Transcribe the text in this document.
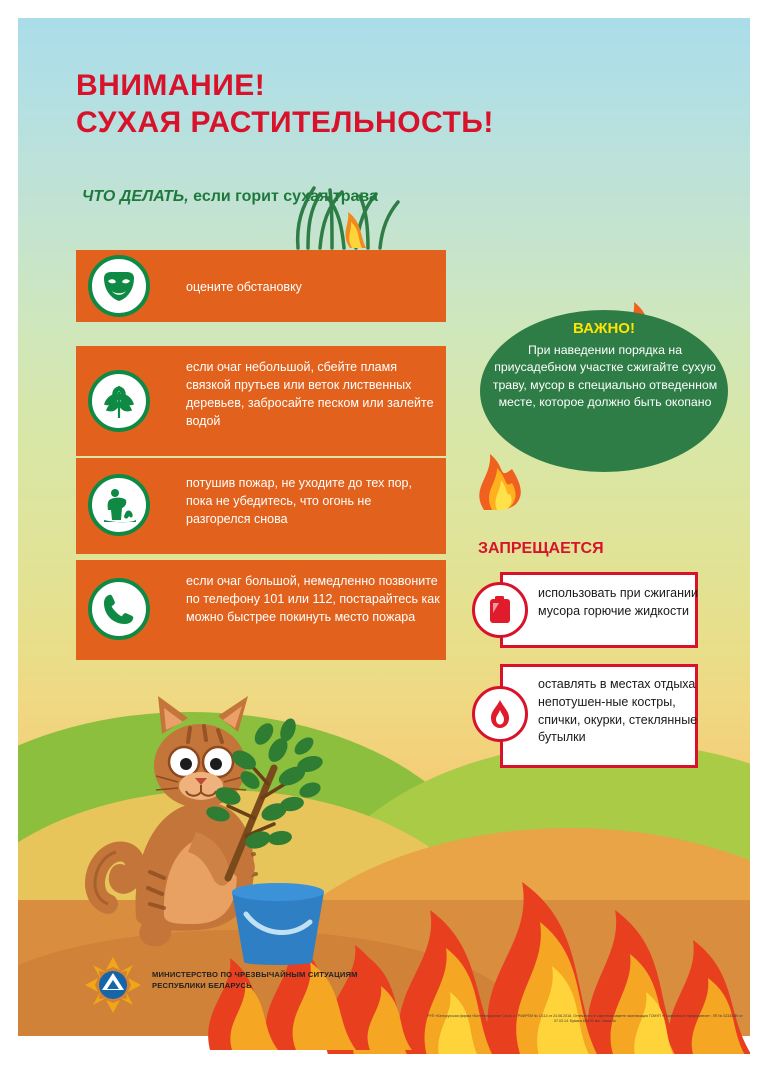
ВНИМАНИЕ!
СУХАЯ РАСТИТЕЛЬНОСТЬ!
ЧТО ДЕЛАТЬ, если горит сухая трава
оцените обстановку
если очаг небольшой, сбейте пламя связкой прутьев или веток лиственных деревьев, забросайте песком или залейте водой
потушив пожар, не уходите до тех пор, пока не убедитесь, что огонь не разгорелся снова
если очаг большой, немедленно позвоните по телефону 101 или 112, постарайтесь как можно быстрее покинуть место пожара
ВАЖНО!
При наведении порядка на приусадебном участке сжигайте сухую траву, мусор в специально отведенном месте, которое должно быть окопано
ЗАПРЕЩАЕТСЯ
использовать при сжигании мусора горючие жидкости
оставлять в местах отдыха непотушен-ные костры, спички, окурки, стеклянные бутылки
МИНИСТЕРСТВО ПО ЧРЕЗВЫЧАЙНЫМ СИТУАЦИЯМ
РЕСПУБЛИКИ БЕЛАРУСЬ
РУП «Белорусская фирма «Белтелефильм» Св-во о ГРИИРПИ № 1/114 от 24.08.2016. Отпечатано в офсетном макете экспликация ГОИУП «Графическое предприятие», ЛП № 02330/89 от 07.03.14. Бумага 65/100 мм. Заказ №
